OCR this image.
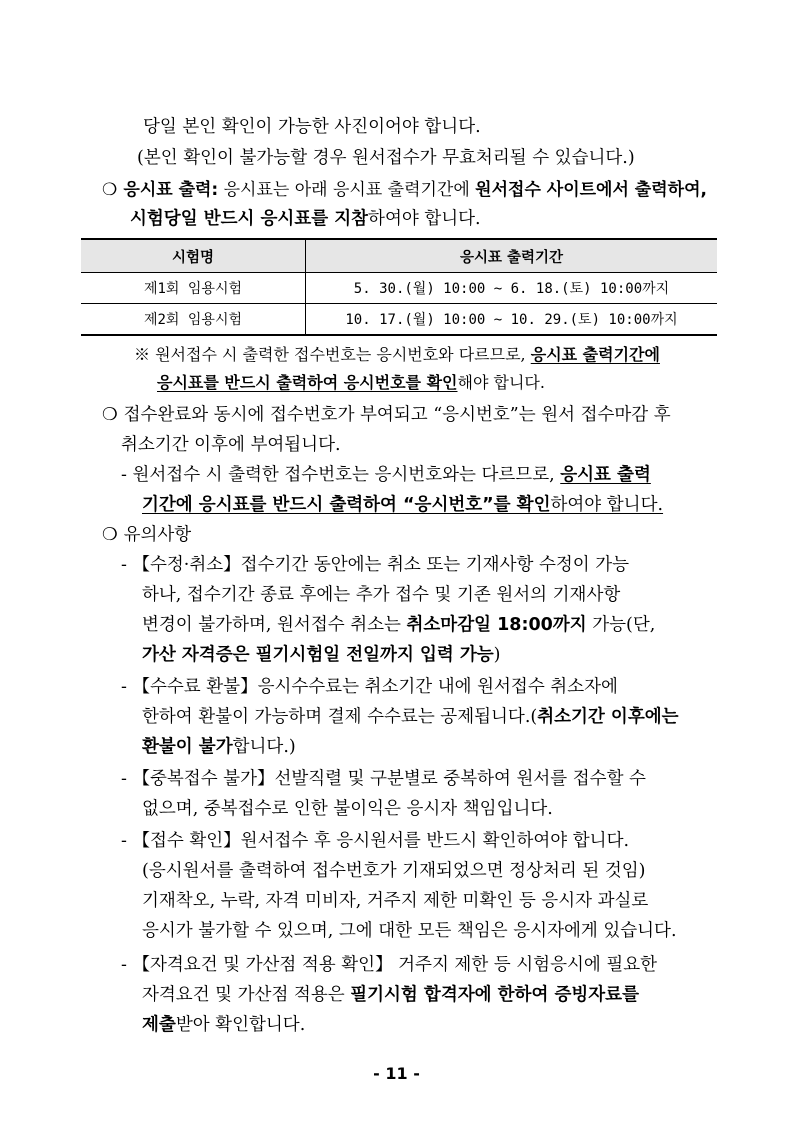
당일 본인 확인이 가능한 사진이어야 합니다.
(본인 확인이 불가능할 경우 원서접수가 무효처리될 수 있습니다.)
❍ 응시표 출력: 응시표는 아래 응시표 출력기간에 원서접수 사이트에서 출력하여,
시험당일 반드시 응시표를 지참하여야 합니다.
시험명	응시표 출력기간
제1회 임용시험	5. 30.(월) 10:00 ~ 6. 18.(토) 10:00까지
제2회 임용시험	10. 17.(월) 10:00 ~ 10. 29.(토) 10:00까지
※ 원서접수 시 출력한 접수번호는 응시번호와 다르므로, 응시표 출력기간에
응시표를 반드시 출력하여 응시번호를 확인해야 합니다.
❍ 접수완료와 동시에 접수번호가 부여되고 “응시번호”는 원서 접수마감 후
취소기간 이후에 부여됩니다.
- 원서접수 시 출력한 접수번호는 응시번호와는 다르므로, 응시표 출력
기간에 응시표를 반드시 출력하여 “응시번호”를 확인하여야 합니다.
❍ 유의사항
- 【수정·취소】접수기간 동안에는 취소 또는 기재사항 수정이 가능
하나, 접수기간 종료 후에는 추가 접수 및 기존 원서의 기재사항
변경이 불가하며, 원서접수 취소는 취소마감일 18:00까지 가능(단,
가산 자격증은 필기시험일 전일까지 입력 가능)
- 【수수료 환불】응시수수료는 취소기간 내에 원서접수 취소자에
한하여 환불이 가능하며 결제 수수료는 공제됩니다.(취소기간 이후에는
환불이 불가합니다.)
- 【중복접수 불가】선발직렬 및 구분별로 중복하여 원서를 접수할 수
없으며, 중복접수로 인한 불이익은 응시자 책임입니다.
- 【접수 확인】원서접수 후 응시원서를 반드시 확인하여야 합니다.
(응시원서를 출력하여 접수번호가 기재되었으면 정상처리 된 것임)
기재착오, 누락, 자격 미비자, 거주지 제한 미확인 등 응시자 과실로
응시가 불가할 수 있으며, 그에 대한 모든 책임은 응시자에게 있습니다.
- 【자격요건 및 가산점 적용 확인】 거주지 제한 등 시험응시에 필요한
자격요건 및 가산점 적용은 필기시험 합격자에 한하여 증빙자료를
제출받아 확인합니다.
- 11 -
